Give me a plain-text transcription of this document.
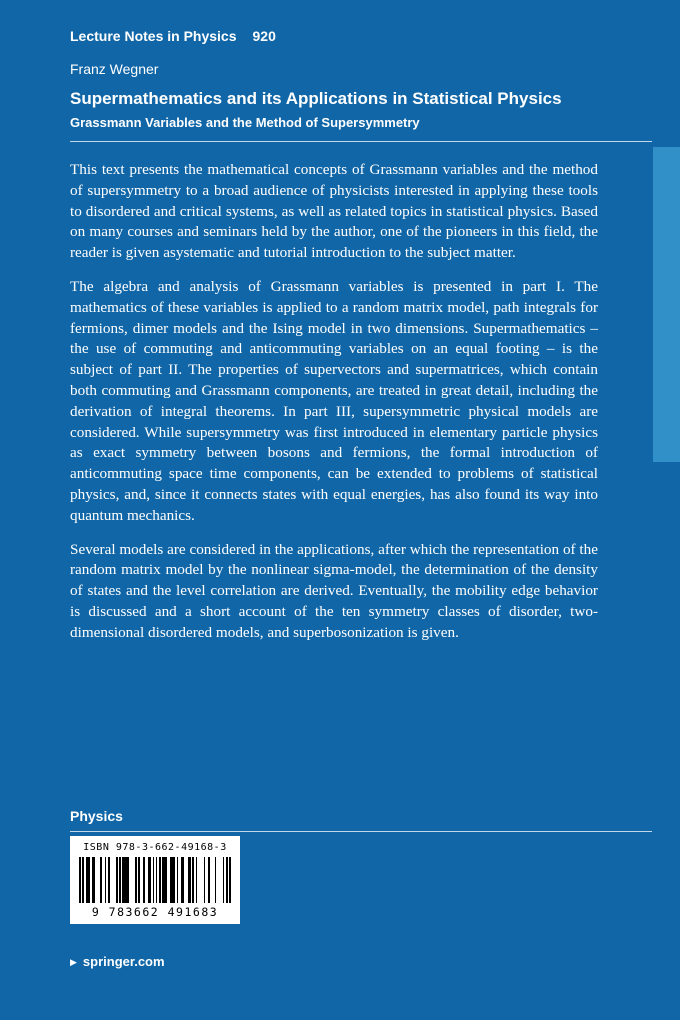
Lecture Notes in Physics 920
Franz Wegner
Supermathematics and its Applications in Statistical Physics
Grassmann Variables and the Method of Supersymmetry

This text presents the mathematical concepts of Grassmann variables and the method of supersymmetry to a broad audience of physicists interested in applying these tools to disordered and critical systems, as well as related topics in statistical physics. Based on many courses and seminars held by the author, one of the pioneers in this field, the reader is given asystematic and tutorial introduction to the subject matter.

The algebra and analysis of Grassmann variables is presented in part I. The mathematics of these variables is applied to a random matrix model, path integrals for fermions, dimer models and the Ising model in two dimensions. Supermathematics – the use of commuting and anticommuting variables on an equal footing – is the subject of part II. The properties of supervectors and supermatrices, which contain both commuting and Grassmann components, are treated in great detail, including the derivation of integral theorems. In part III, supersymmetric physical models are considered. While supersymmetry was first introduced in elementary particle physics as exact symmetry between bosons and fermions, the formal introduction of anticommuting space time components, can be extended to problems of statistical physics, and, since it connects states with equal energies, has also found its way into quantum mechanics.

Several models are considered in the applications, after which the representation of the random matrix model by the nonlinear sigma-model, the determination of the density of states and the level correlation are derived. Eventually, the mobility edge behavior is discussed and a short account of the ten symmetry classes of disorder, two-dimensional disordered models, and superbosonization is given.

Physics
ISBN 978-3-662-49168-3
9 783662 491683
▶ springer.com
